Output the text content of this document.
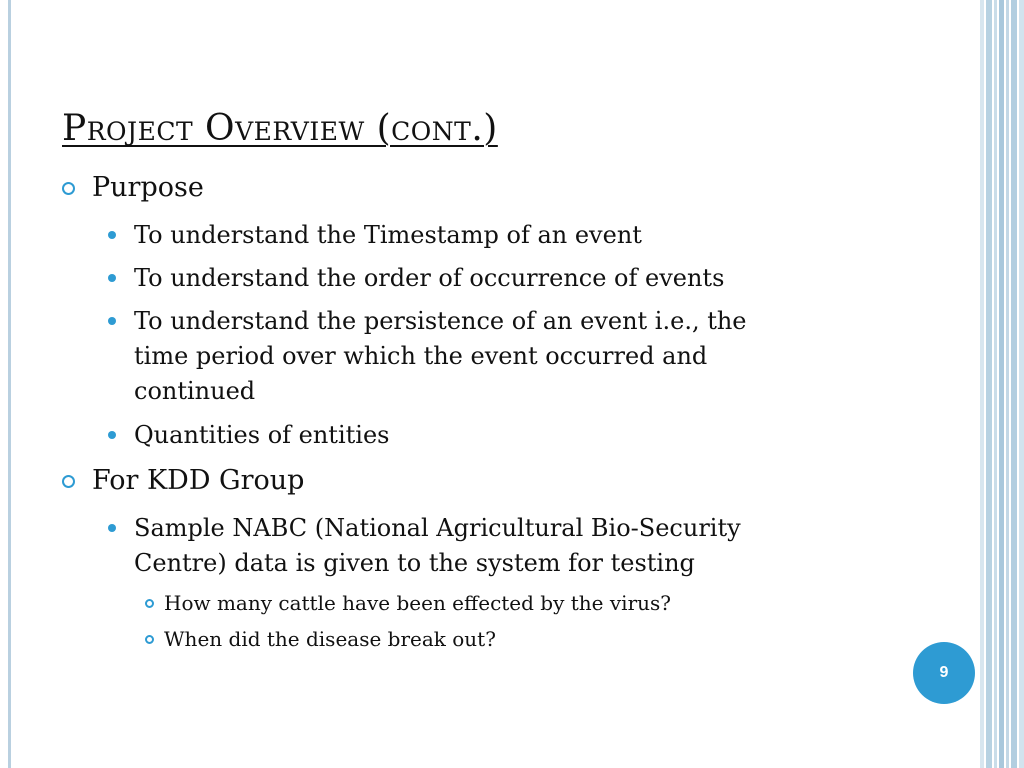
Project Overview (cont.)
Purpose
To understand the Timestamp of an event
To understand the order of occurrence of events
To understand the persistence of an event i.e., the
time period over which the event occurred and
continued
Quantities of entities
For KDD Group
Sample NABC (National Agricultural Bio-Security
Centre) data is given to the system for testing
How many cattle have been effected by the virus?
When did the disease break out?
9
